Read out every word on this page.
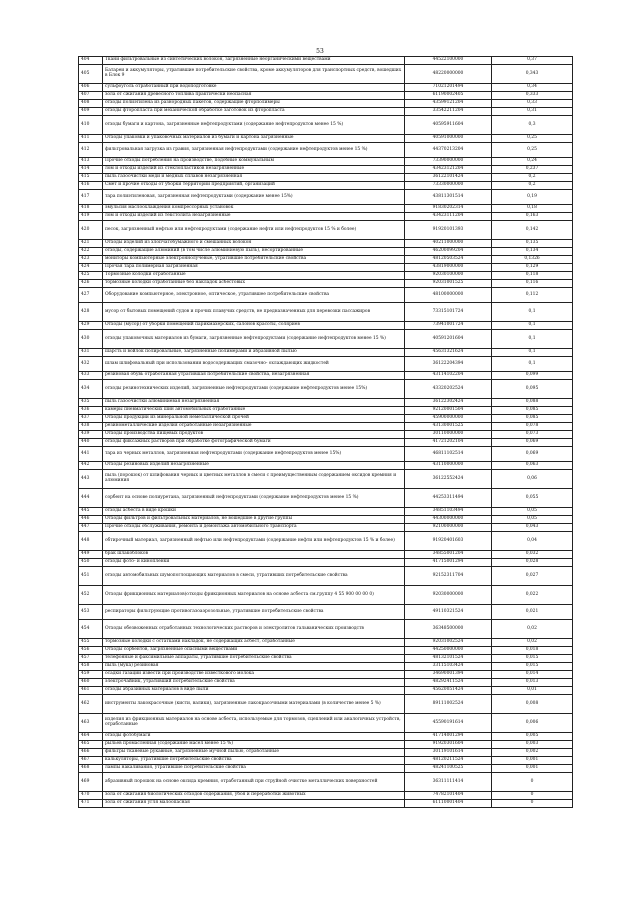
53
404	Ткани фильтровальные из синтетических волокон, загрязненные неорганическими веществами	44522100000	0,37
405	Батареи и аккумуляторы, утратившие потребительские свойства, кроме аккумуляторов для транспортных средств, вошедших в Блок 9	48220000000	0,343
406	сульфоуголь отработанный при водоподготовке	71021201494	0,34
407	зола от сжигания древесного топлива практически неопасная	61190002405	0,333
408	отходы полиэтилена из разнородных пакетов, содержащие фторполимеры	43599121204	0,33
409	отходы фторопласта при механической обработке заготовок из фторопласта	33542211204	0,31
410	отходы бумаги и картона, загрязненные нефтепродуктами (содержание нефтепродуктов менее 15 %)	40595911604	0,3
411	Отходы упаковки и упаковочных материалов из бумаги и картона загрязненные	40591000000	0,25
412	фильтровальная загрузка из гравия, загрязненная нефтепродуктами (содержание нефтепродуктов менее 15 %)	44370213204	0,25
413	Прочие отходы потребления на производстве, подобные коммунальным	73390000000	0,24
414	лом и отходы изделий из стеклопластиков незагрязненные	43423121204	0,237
415	пыль газоочистки меди и медных сплавов незагрязненная	36122101424	0,2
416	Смет и прочие отходы от уборки территории предприятий, организаций	73330000000	0,2
417	тара полиэтиленовая, загрязненная нефтепродуктами (содержание менее 15%)	43811301514	0,19
418	эмульсия маслоохлаждения компрессорных установок	91830202314	0,18
419	лом и отходы изделий из текстолита незагрязненные	43423111204	0,163
420	песок, загрязненный нефтью или нефтепродуктами (содержание нефти или нефтепродуктов 15 % и более)	91920101393	0,142
421	Отходы изделий из хлопчатобумажного и смешанных волокон	40211000000	0,135
422	отходы, содержащие алюминий (в том числе алюминиевую пыль), несортированные	46200099204	0,134
423	мониторы компьютерные электроннолучевые, утратившие потребительские свойства	48120503524	0,1326
424	Прочая тара полимерная загрязненная	43819000000	0,129
425	Тормозные колодки отработанные	92030100000	0,118
426	тормозные колодки отработанные без накладок асбестовых	92031001525	0,116
427	Оборудование компьютерное, электронное, оптическое, утратившее потребительские свойства	48100000000	0,112
428	мусор от бытовых помещений судов и прочих плавучих средств, не предназначенных для перевозки пассажиров	73315101724	0,1
429	Отходы (мусор) от уборки помещений парикмахерских, салонов красоты, соляриев	73941001724	0,1
430	отходы упаковочных материалов из бумаги, загрязненные нефтепродуктами (содержание нефтепродуктов менее 15 %)	40591201604	0,1
431	шарсть и войлок полировальные, загрязненные полимерами и абразивной пылью	45631321624	0,1
432	шлам шлифовальный при использовании водосодержащих смазочно- охлаждающих жидкостей	36122204394	0,1
433	резиновая обувь отработанная утратившая потребительские свойства, незагрязненная	43114102204	0,099
434	отходы резинотехнических изделий, загрязненные нефтепродуктами (содержание нефтепродуктов менее 15%)	43320202524	0,095
435	пыль газоочистки алюминиевая незагрязненная	36122302424	0,088
436	камеры пневматических шин автомобильных отработанные	92120001504	0,085
437	Отходы продукции из минеральной неметаллической прочей	45900000000	0,085
438	резинометаллические изделия отработанные незагрязненные	43130001525	0,078
439	Отходы производства пищевых продуктов	30110000000	0,073
440	отходы фиксажных растворов при обработке фотографической бумаги	41721202104	0,069
441	тара из черных металлов, загрязненная нефтепродуктами (содержание нефтепродуктов менее 15%)	46811102514	0,069
442	Отходы резиновых изделий незагрязненные	43110000000	0,063
443	пыль (порошок) от шлифования черных и цветных металлов в смеси с преимущественным содержанием оксидов кремния и алюминия	36122552424	0,06
444	сорбент на основе полиуретана, загрязненный нефтепродуктами (содержание нефтепродуктов менее 15 %)	44253311494	0,055
445	отходы асбеста в виде крошки	34851103494	0,05
446	Отходы фильтров и фильтровальных материалов, не вошедшие в другие группы	44300000000	0,05
447	Прочие отходы обслуживания, ремонта и демонтажа автомобильного транспорта	92100000000	0,043
448	обтирочный материал, загрязненный нефтью или нефтепродуктами (содержание нефти или нефтепродуктов 15 % и более)	91920401603	0,04
449	брак шлакоблоков	34855001204	0,032
450	отходы фото- и кинопленки	41715001294	0,028
451	отходы автомобильных шумопоглощающих материалов в смеси, утративших потребительские свойства	92152311704	0,027
452	Отходы фрикционных материалов(отходы фрикционных материалов на основе асбеста см.группу 4 55 900 00 00 0)	92030000000	0,022
453	респираторы фильтрующие противогазоаэрозольные, утратившие потребительские свойства	49110321524	0,021
454	Отходы обезвоженных отработанных технологических растворов и электролитов гальванических производств	36348500000	0,02
455	тормозные колодки с остатками накладок, не содержащих асбест, отработанные	92031002524	0,02
456	Отходы сорбентов, загрязненные опасными веществами	44250000000	0,018
457	телефонные и факсимильные аппараты, утратившие потребительские свойства	48132101524	0,015
458	пыль (мука) резиновая	33115103424	0,015
459	осадки газации извести при производстве известкового молока	34690001394	0,014
460	электрочайник, утративший потребительские свойства	48292411524	0,013
461	отходы абразивных материалов в виде пыли	45620051424	0,01
462	инструменты лакокрасочные (кисти, валики), загрязненные лакокрасочными материалами (в количестве менее 5 %)	89111002524	0,008
463	изделия из фрикционных материалов на основе асбеста, используемые для тормозов, сцеплений или аналогичных устройств, отработанные	45590191614	0,006
464	отходы фотобумаги	41714001294	0,005
465	рыльев промасленная (содержание масел менее 15 %)	91920301604	0,003
466	фильтры тканевые рукавные, загрязненные мучной пылью, отработанные	30119101614	0,002
467	калькуляторы, утратившие потребительские свойства	48120211524	0,001
468	лампы накаливания, утратившие потребительские свойства	48241100525	0,001
469	абразивный порошок на основе оксида кремния, отработанный при струйной очистке металлических поверхностей	36311111414	0
470	зола от сжигания биологических отходов содержания, убоя и переработки животных	74782101404	0
471	зола от сжигания угля малоопасная	61110001404	0
